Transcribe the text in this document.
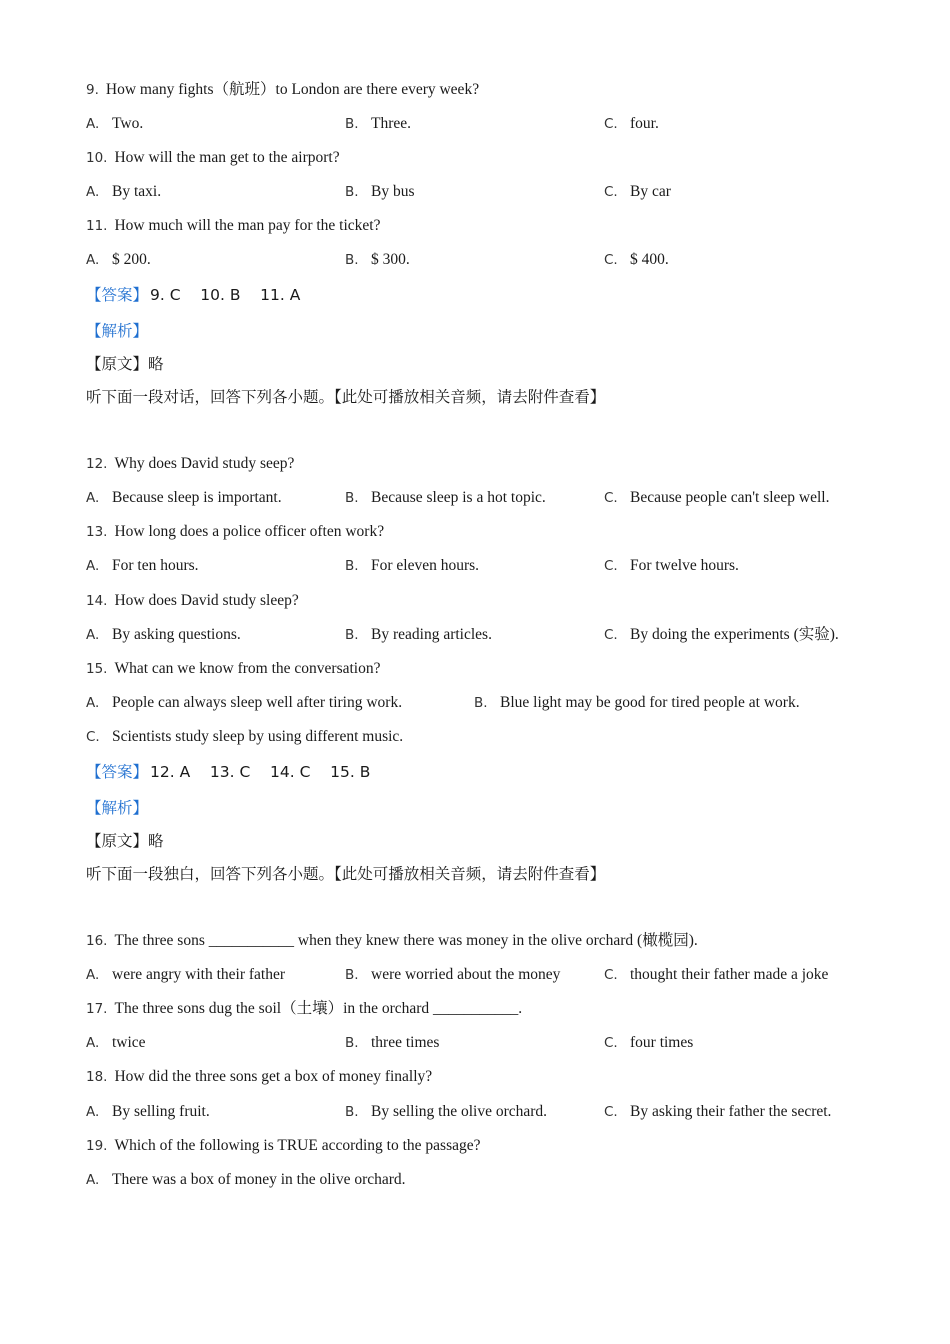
9. How many fights（航班）to London are there every week?
A. Two.	B. Three.	C. four.
10. How will the man get to the airport?
A. By taxi.	B. By bus	C. By car
11. How much will the man pay for the ticket?
A. $ 200.	B. $ 300.	C. $ 400.
【答案】 9. C    10. B    11. A
【解析】
【原文】略
听下面一段对话，回答下列各小题。【此处可播放相关音频，请去附件查看】
12. Why does David study seep?
A. Because sleep is important.	B. Because sleep is a hot topic.	C. Because people can't sleep well.
13. How long does a police officer often work?
A. For ten hours.	B. For eleven hours.	C. For twelve hours.
14. How does David study sleep?
A. By asking questions.	B. By reading articles.	C. By doing the experiments (实验).
15. What can we know from the conversation?
A. People can always sleep well after tiring work.	B. Blue light may be good for tired people at work.
C. Scientists study sleep by using different music.
【答案】 12. A    13. C    14. C    15. B
【解析】
【原文】略
听下面一段独白，回答下列各小题。【此处可播放相关音频，请去附件查看】
16. The three sons ___________ when they knew there was money in the olive orchard (橄榄园).
A. were angry with their father	B. were worried about the money	C. thought their father made a joke
17. The three sons dug the soil（土壤）in the orchard ___________.
A. twice	B. three times	C. four times
18. How did the three sons get a box of money finally?
A. By selling fruit.	B. By selling the olive orchard.	C. By asking their father the secret.
19. Which of the following is TRUE according to the passage?
A. There was a box of money in the olive orchard.
